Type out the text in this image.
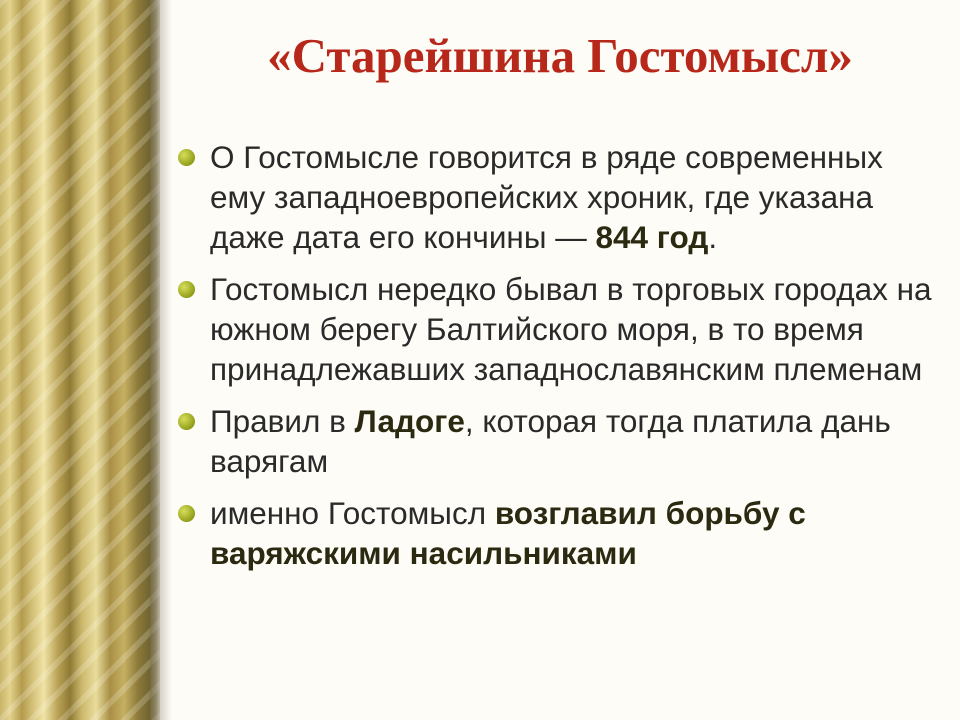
«Старейшина Гостомысл»
О Гостомысле говорится в ряде современных ему западноевропейских хроник, где указана даже дата его кончины — 844 год.
Гостомысл нередко бывал в торговых городах на южном берегу Балтийского моря, в то время принадлежавших западнославянским племенам
Правил в Ладоге, которая тогда платила дань варягам
именно Гостомысл возглавил борьбу с варяжскими насильниками
